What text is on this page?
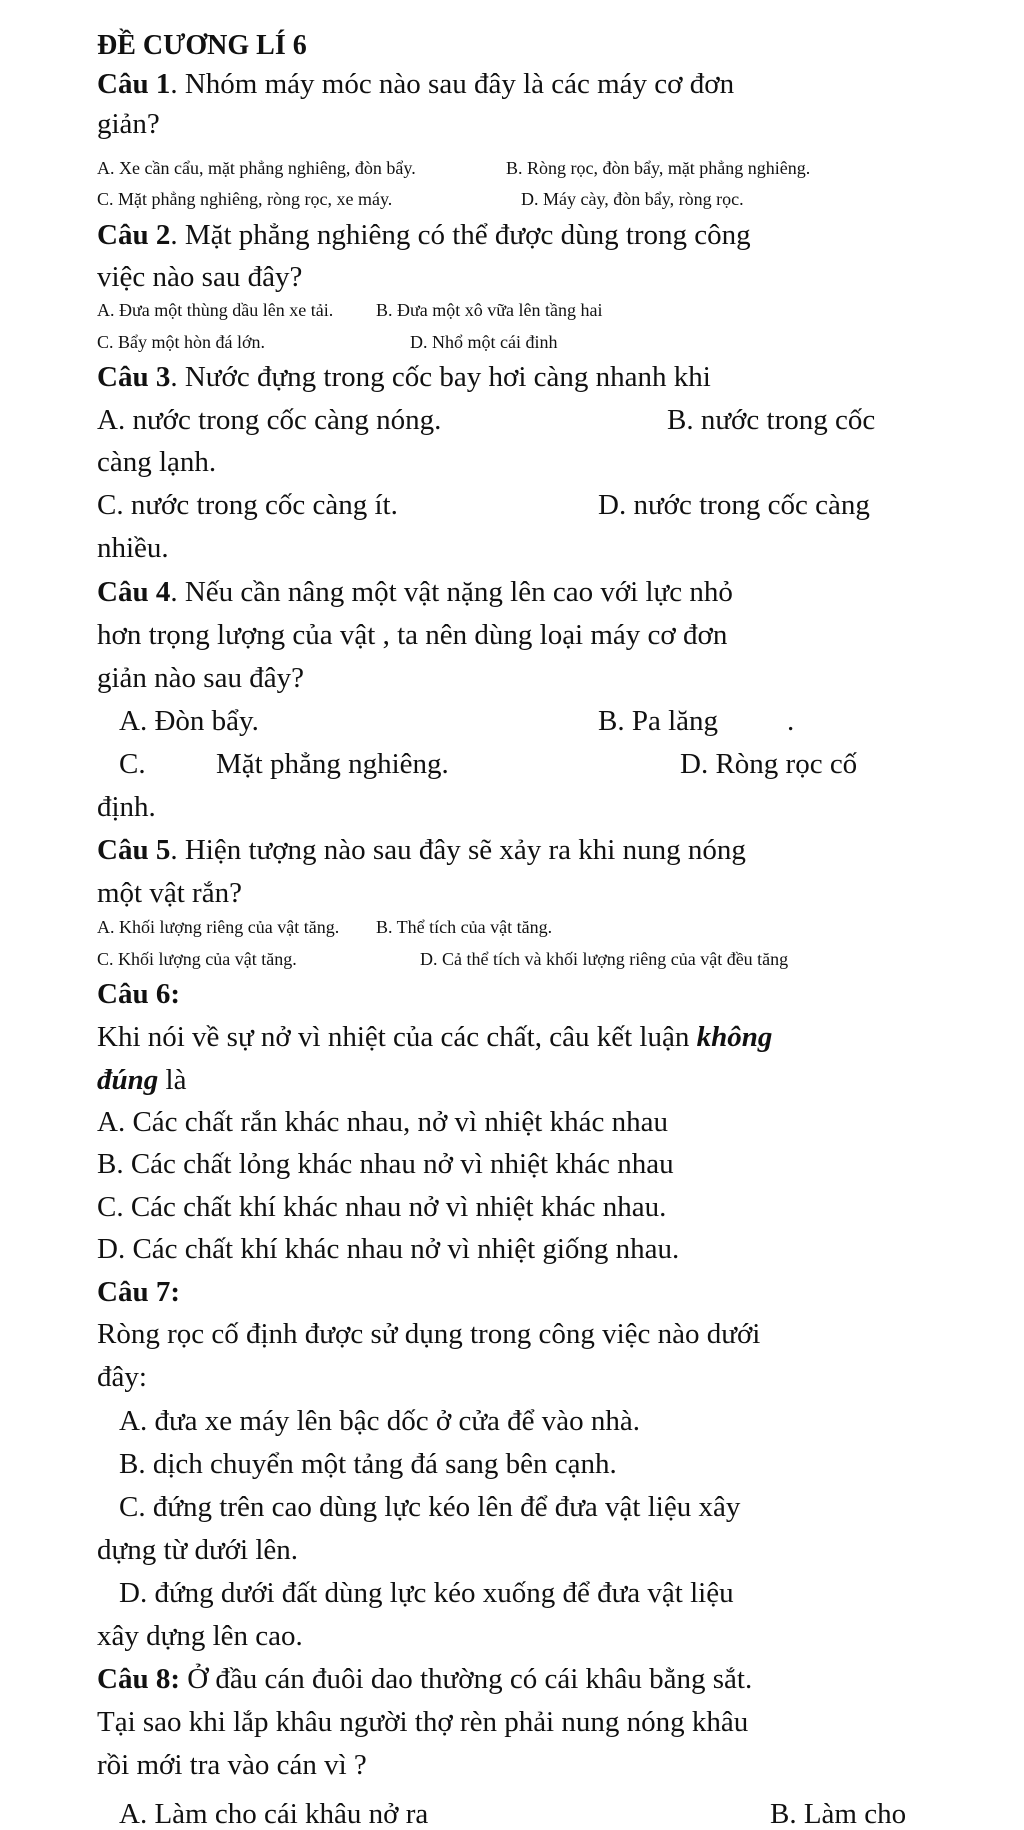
ĐỀ CƯƠNG LÍ 6
Câu 1. Nhóm máy móc nào sau đây là các máy cơ đơn
giản?
A. Xe cần cẩu, mặt phẳng nghiêng, đòn bẩy.	B. Ròng rọc, đòn bẩy, mặt phẳng nghiêng.
C. Mặt phẳng nghiêng, ròng rọc, xe máy.	D. Máy cày, đòn bẩy, ròng rọc.
Câu 2. Mặt phẳng nghiêng có thể được dùng trong công
việc nào sau đây?
A. Đưa một thùng dầu lên xe tải. B. Đưa một xô vữa lên tầng hai
C. Bẩy một hòn đá lớn.	D. Nhổ một cái đinh
Câu 3. Nước đựng trong cốc bay hơi càng nhanh khi
A. nước trong cốc càng nóng.	B. nước trong cốc
càng lạnh.
C. nước trong cốc càng ít.	D. nước trong cốc càng
nhiều.
Câu 4. Nếu cần nâng một vật nặng lên cao với lực nhỏ
hơn trọng lượng của vật , ta nên dùng loại máy cơ đơn
giản nào sau đây?
A. Đòn bẩy.	B. Pa lăng .
C. Mặt phẳng nghiêng.	D. Ròng rọc cố
định.
Câu 5. Hiện tượng nào sau đây sẽ xảy ra khi nung nóng
một vật rắn?
A. Khối lượng riêng của vật tăng. B. Thể tích của vật tăng.
C. Khối lượng của vật tăng.	D. Cả thể tích và khối lượng riêng của vật đều tăng
Câu 6:
Khi nói về sự nở vì nhiệt của các chất, câu kết luận không
đúng là
A. Các chất rắn khác nhau, nở vì nhiệt khác nhau
B. Các chất lỏng khác nhau nở vì nhiệt khác nhau
C. Các chất khí khác nhau nở vì nhiệt khác nhau.
D. Các chất khí khác nhau nở vì nhiệt giống nhau.
Câu 7:
Ròng rọc cố định được sử dụng trong công việc nào dưới
đây:
A. đưa xe máy lên bậc dốc ở cửa để vào nhà.
B. dịch chuyển một tảng đá sang bên cạnh.
C. đứng trên cao dùng lực kéo lên để đưa vật liệu xây
dựng từ dưới lên.
D. đứng dưới đất dùng lực kéo xuống để đưa vật liệu
xây dựng lên cao.
Câu 8: Ở đầu cán đuôi dao thường có cái khâu bằng sắt.
Tại sao khi lắp khâu người thợ rèn phải nung nóng khâu
rồi mới tra vào cán vì ?
A. Làm cho cái khâu nở ra	B. Làm cho
